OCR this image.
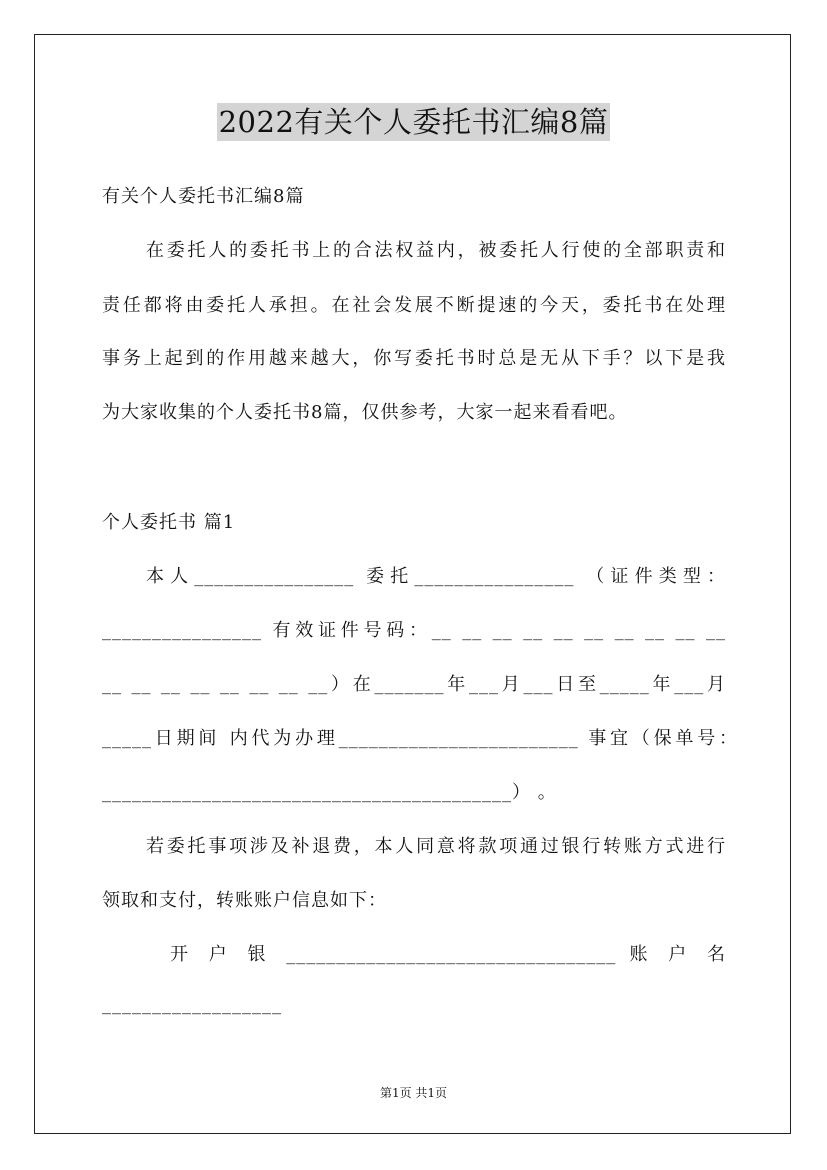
2022有关个人委托书汇编8篇
有关个人委托书汇编8篇
在委托人的委托书上的合法权益内，被委托人行使的全部职责和
责任都将由委托人承担。在社会发展不断提速的今天，委托书在处理
事务上起到的作用越来越大，你写委托书时总是无从下手？以下是我
为大家收集的个人委托书8篇，仅供参考，大家一起来看看吧。
个人委托书 篇1
本人________________ 委托________________ （证件类型：
________________ 有效证件号码：__ __ __ __ __ __ __ __ __ __
__ __ __ __ __ __ __ __）在_______年___月___日至_____年___月
_____日期间 内代为办理________________________ 事宜（保单号：
_________________________________________） 。
若委托事项涉及补退费，本人同意将款项通过银行转账方式进行
领取和支付，转账账户信息如下：
开 户 银 _________________________________ 账 户 名
__________________
第1页 共1页
